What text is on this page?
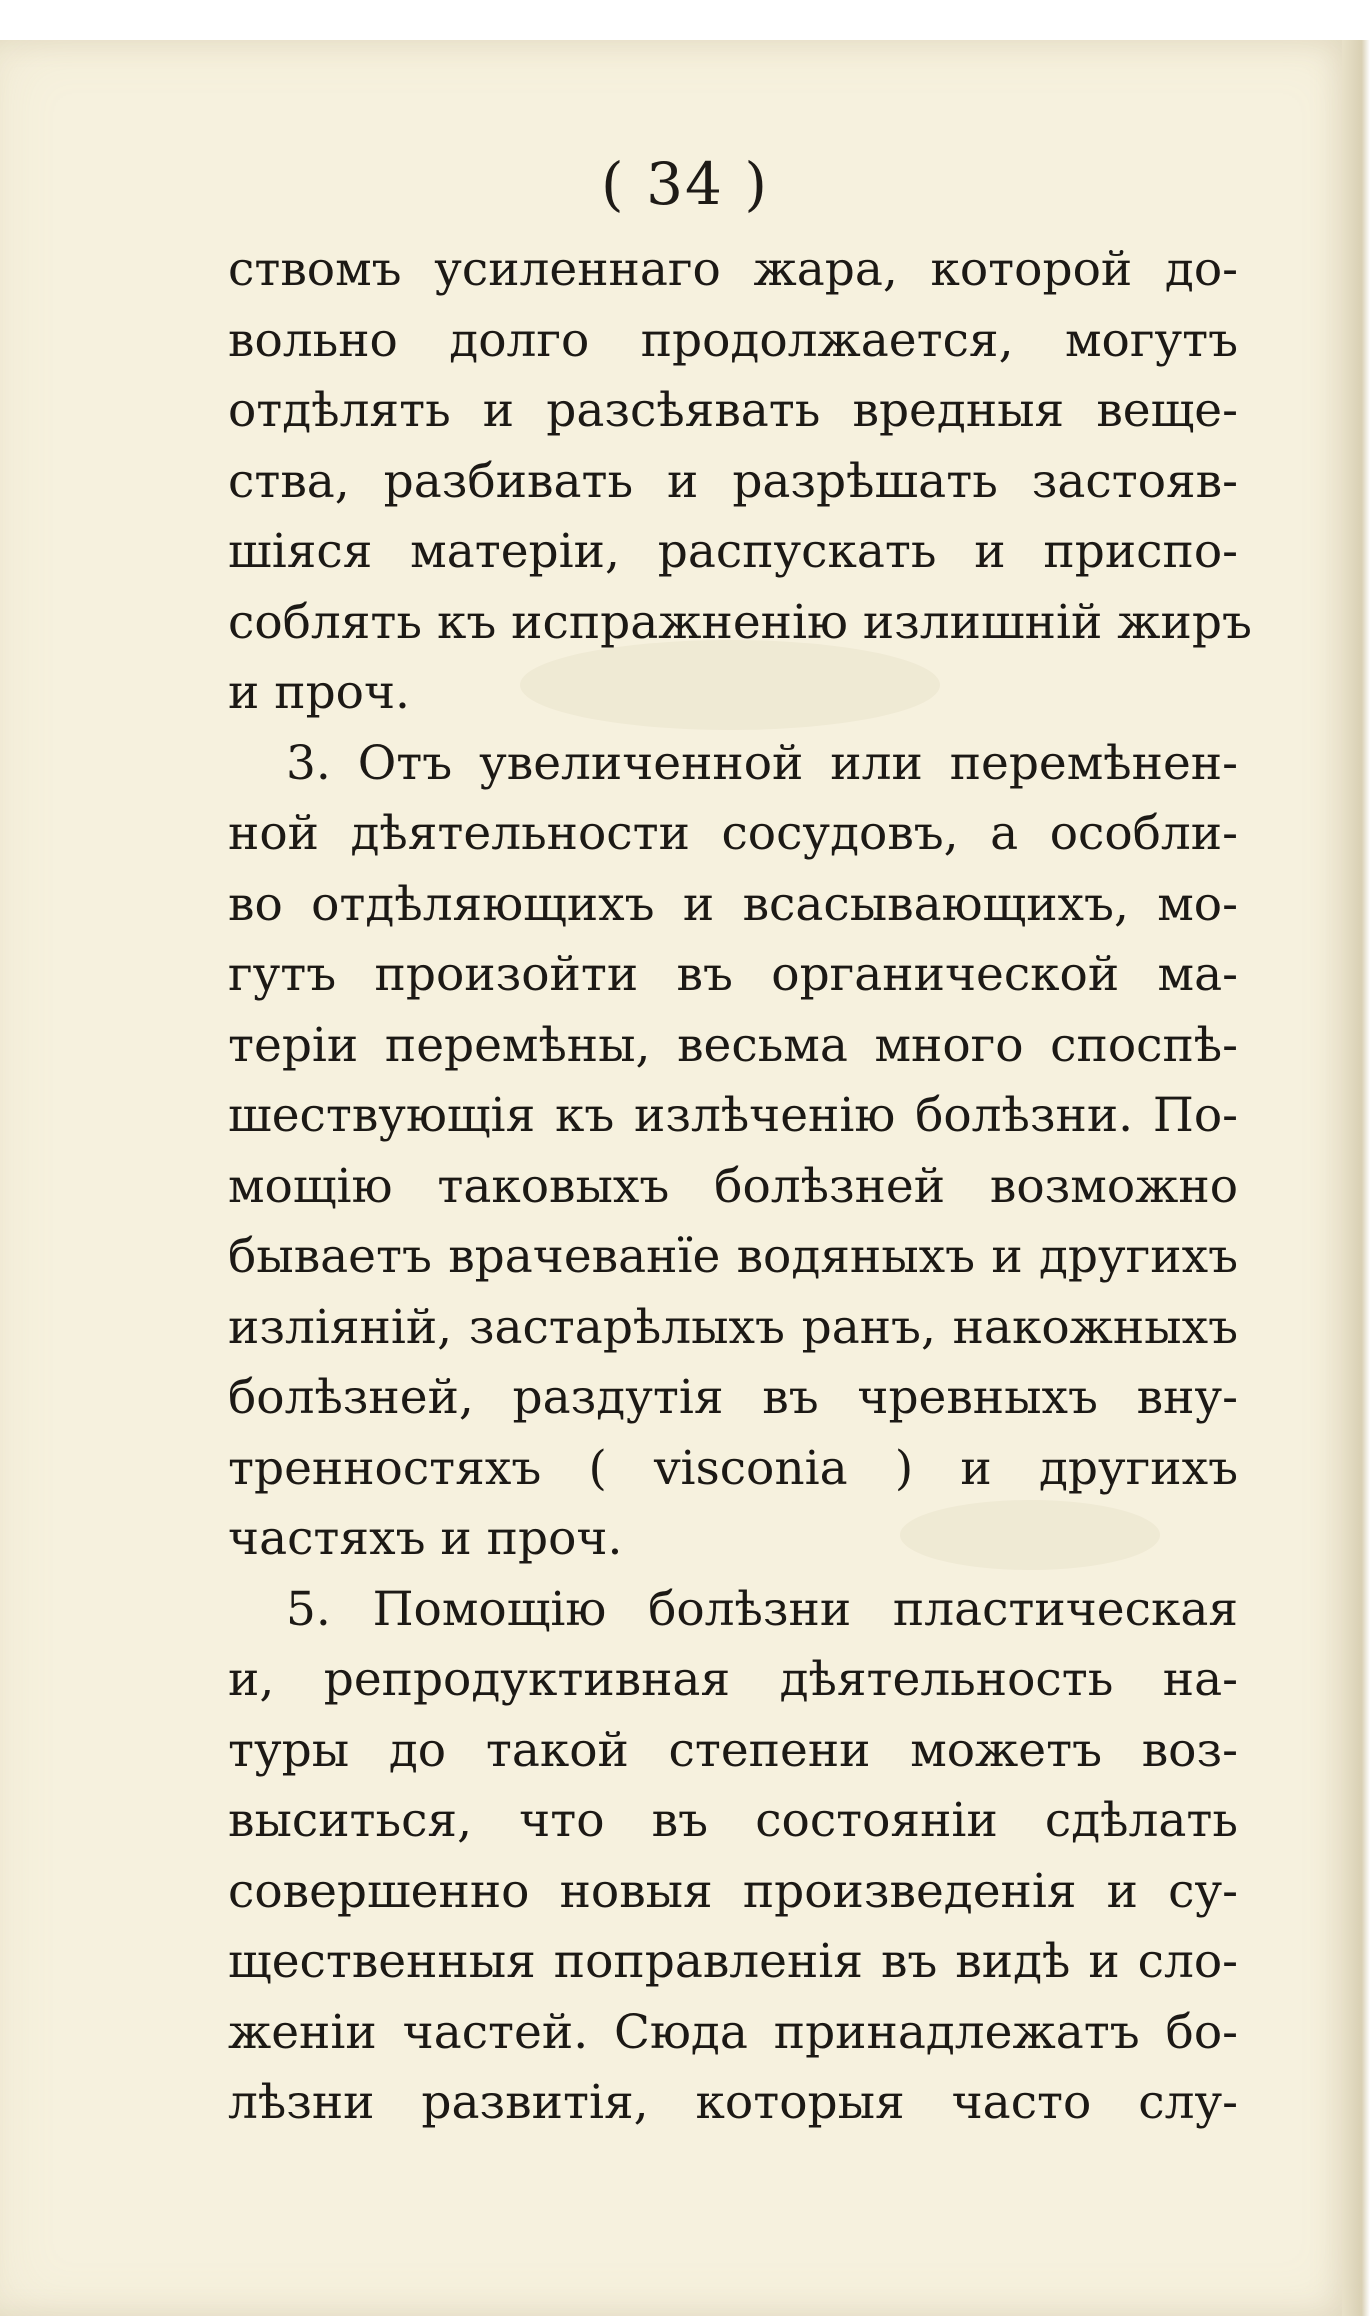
( 34 )
ствомъ усиленнаго жара, которой до-
вольно долго продолжается, могутъ
отдѣлять и разсѣявать вредныя веще-
ства, разбивать и разрѣшать застояв-
шіяся матеріи, распускать и приспо-
соблять къ испражненію излишній жиръ
и проч.
3. Отъ увеличенной или перемѣнен-
ной дѣятельности сосудовъ, а особли-
во отдѣляющихъ и всасывающихъ, мо-
гутъ произойти въ органической ма-
теріи перемѣны, весьма много споспѣ-
шествующія къ излѣченію болѣзни. По-
мощію таковыхъ болѣзней возможно
бываетъ врачеванїе водяныхъ и другихъ
изліяній, застарѣлыхъ ранъ, накожныхъ
болѣзней, раздутія въ чревныхъ вну-
тренностяхъ ( visconia ) и другихъ
частяхъ и проч.
5. Помощію болѣзни пластическая
и, репродуктивная дѣятельность на-
туры до такой степени можетъ воз-
выситься, что въ состояніи сдѣлать
совершенно новыя произведенія и су-
щественныя поправленія въ видѣ и сло-
женіи частей. Сюда принадлежатъ бо-
лѣзни развитія, которыя часто слу-
